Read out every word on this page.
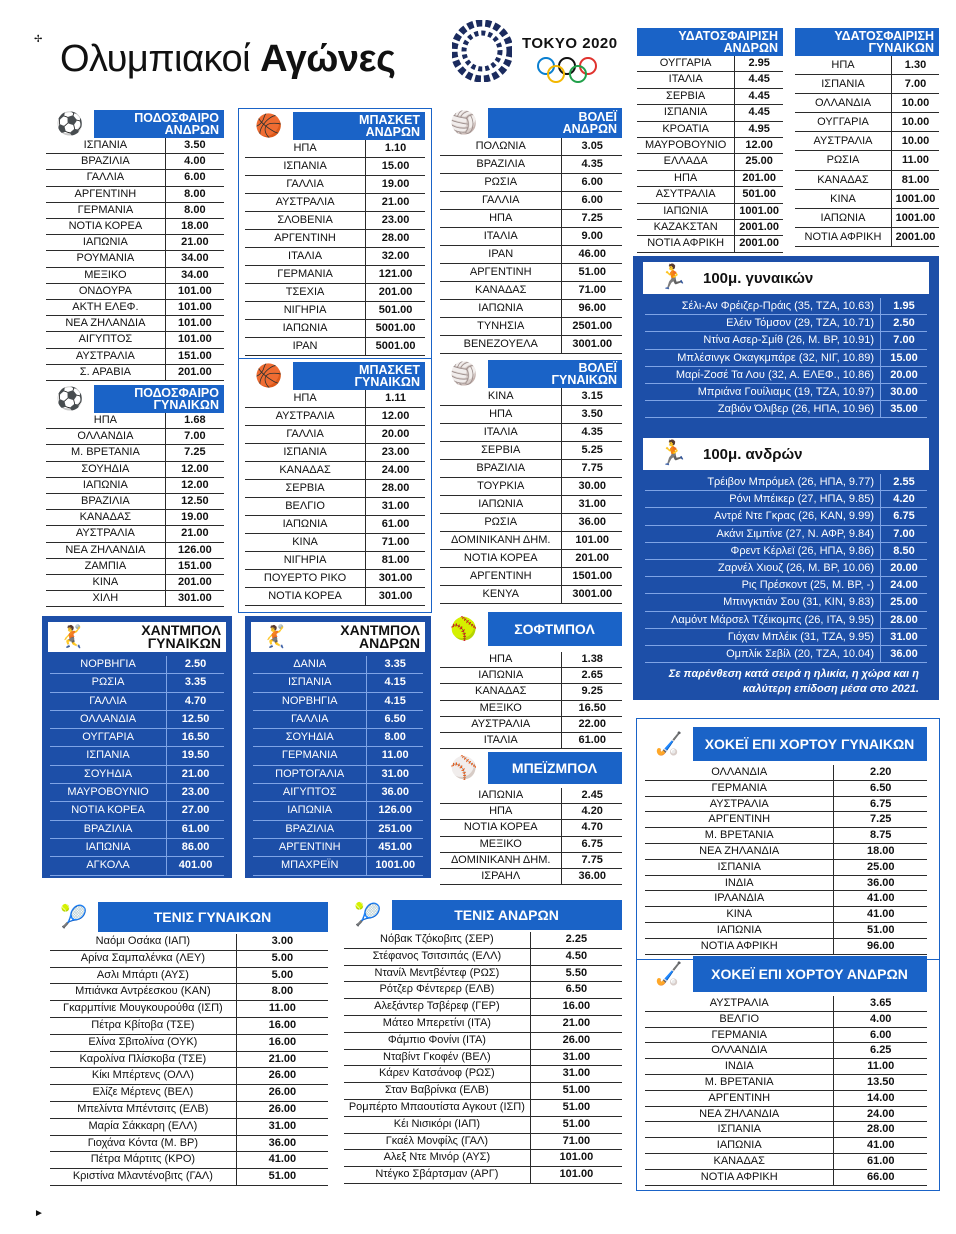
✢ Ολυμπιακοί Αγώνες	TOKYO 2020
⚽	ΠΟΔΟΣΦΑΙΡΟ
ΑΝΔΡΩΝ
ΙΣΠΑΝΙΑ	3.50
ΒΡΑΖΙΛΙΑ	4.00
ΓΑΛΛΙΑ	6.00
ΑΡΓΕΝΤΙΝΗ	8.00
ΓΕΡΜΑΝΙΑ	8.00
ΝΟΤΙΑ ΚΟΡΕΑ	18.00
ΙΑΠΩΝΙΑ	21.00
ΡΟΥΜΑΝΙΑ	34.00
ΜΕΞΙΚΟ	34.00
ΟΝΔΟΥΡΑ	101.00
ΑΚΤΗ ΕΛΕΦ.	101.00
ΝΕΑ ΖΗΛΑΝΔΙΑ	101.00
ΑΙΓΥΠΤΟΣ	101.00
ΑΥΣΤΡΑΛΙΑ	151.00
Σ. ΑΡΑΒΙΑ	201.00
⚽	ΠΟΔΟΣΦΑΙΡΟ
ΓΥΝΑΙΚΩΝ
ΗΠΑ	1.68
ΟΛΛΑΝΔΙΑ	7.00
Μ. ΒΡΕΤΑΝΙΑ	7.25
ΣΟΥΗΔΙΑ	12.00
ΙΑΠΩΝΙΑ	12.00
ΒΡΑΖΙΛΙΑ	12.50
ΚΑΝΑΔΑΣ	19.00
ΑΥΣΤΡΑΛΙΑ	21.00
ΝΕΑ ΖΗΛΑΝΔΙΑ	126.00
ΖΑΜΠΙΑ	151.00
ΚΙΝΑ	201.00
ΧΙΛΗ	301.00
🏀	ΜΠΑΣΚΕΤ
ΑΝΔΡΩΝ
ΗΠΑ	1.10
ΙΣΠΑΝΙΑ	15.00
ΓΑΛΛΙΑ	19.00
ΑΥΣΤΡΑΛΙΑ	21.00
ΣΛΟΒΕΝΙΑ	23.00
ΑΡΓΕΝΤΙΝΗ	28.00
ΙΤΑΛΙΑ	32.00
ΓΕΡΜΑΝΙΑ	121.00
ΤΣΕΧΙΑ	201.00
ΝΙΓΗΡΙΑ	501.00
ΙΑΠΩΝΙΑ	5001.00
ΙΡΑΝ	5001.00
🏀	ΜΠΑΣΚΕΤ
ΓΥΝΑΙΚΩΝ
ΗΠΑ	1.11
ΑΥΣΤΡΑΛΙΑ	12.00
ΓΑΛΛΙΑ	20.00
ΙΣΠΑΝΙΑ	23.00
ΚΑΝΑΔΑΣ	24.00
ΣΕΡΒΙΑ	28.00
ΒΕΛΓΙΟ	31.00
ΙΑΠΩΝΙΑ	61.00
ΚΙΝΑ	71.00
ΝΙΓΗΡΙΑ	81.00
ΠΟΥΕΡΤΟ ΡΙΚΟ	301.00
ΝΟΤΙΑ ΚΟΡΕΑ	301.00
🏐	ΒΟΛΕΪ
ΑΝΔΡΩΝ
ΠΟΛΩΝΙΑ	3.05
ΒΡΑΖΙΛΙΑ	4.35
ΡΩΣΙΑ	6.00
ΓΑΛΛΙΑ	6.00
ΗΠΑ	7.25
ΙΤΑΛΙΑ	9.00
ΙΡΑΝ	46.00
ΑΡΓΕΝΤΙΝΗ	51.00
ΚΑΝΑΔΑΣ	71.00
ΙΑΠΩΝΙΑ	96.00
ΤΥΝΗΣΙΑ	2501.00
ΒΕΝΕΖΟΥΕΛΑ	3001.00
🏐	ΒΟΛΕΪ
ΓΥΝΑΙΚΩΝ
ΚΙΝΑ	3.15
ΗΠΑ	3.50
ΙΤΑΛΙΑ	4.35
ΣΕΡΒΙΑ	5.25
ΒΡΑΖΙΛΙΑ	7.75
ΤΟΥΡΚΙΑ	30.00
ΙΑΠΩΝΙΑ	31.00
ΡΩΣΙΑ	36.00
ΔΟΜΙΝΙΚΑΝΗ ΔΗΜ.	101.00
ΝΟΤΙΑ ΚΟΡΕΑ	201.00
ΑΡΓΕΝΤΙΝΗ	1501.00
ΚΕΝΥΑ	3001.00
ΥΔΑΤΟΣΦΑΙΡΙΣΗ
ΑΝΔΡΩΝ
ΟΥΓΓΑΡΙΑ	2.95
ΙΤΑΛΙΑ	4.45
ΣΕΡΒΙΑ	4.45
ΙΣΠΑΝΙΑ	4.45
ΚΡΟΑΤΙΑ	4.95
ΜΑΥΡΟΒΟΥΝΙΟ	12.00
ΕΛΛΑΔΑ	25.00
ΗΠΑ	201.00
ΑΣΥΤΡΑΛΙΑ	501.00
ΙΑΠΩΝΙΑ	1001.00
ΚΑΖΑΚΣΤΑΝ	2001.00
ΝΟΤΙΑ ΑΦΡΙΚΗ	2001.00
ΥΔΑΤΟΣΦΑΙΡΙΣΗ
ΓΥΝΑΙΚΩΝ
ΗΠΑ	1.30
ΙΣΠΑΝΙΑ	7.00
ΟΛΛΑΝΔΙΑ	10.00
ΟΥΓΓΑΡΙΑ	10.00
ΑΥΣΤΡΑΛΙΑ	10.00
ΡΩΣΙΑ	11.00
ΚΑΝΑΔΑΣ	81.00
ΚΙΝΑ	1001.00
ΙΑΠΩΝΙΑ	1001.00
ΝΟΤΙΑ ΑΦΡΙΚΗ	2001.00
🏃	100μ. γυναικών
Σέλι-Αν Φρέιζερ-Πράις (35, ΤΖΑ, 10.63)	1.95
Ελέιν Τόμσον (29, ΤΖΑ, 10.71)	2.50
Ντίνα Ασερ-Σμίθ (26, Μ. ΒΡ, 10.91)	7.00
Μπλέσινγκ Οκαγκμπάρε (32, ΝΙΓ, 10.89)	15.00
Μαρί-Ζοσέ Τα Λου (32, Α. ΕΛΕΦ., 10.86)	20.00
Μπριάνα Γουίλιαμς (19, ΤΖΑ, 10.97)	30.00
Ζαβιόν Όλιβερ (26, ΗΠΑ, 10.96)	35.00
🏃	100μ. ανδρών
Τρέιβον Μπρόμελ (26, ΗΠΑ, 9.77)	2.55
Ρόνι Μπέικερ (27, ΗΠΑ, 9.85)	4.20
Αντρέ Ντε Γκρας (26, ΚΑΝ, 9.99)	6.75
Ακάνι Σιμπίνε (27, Ν. ΑΦΡ, 9.84)	7.00
Φρεντ Κέρλεϊ (26, ΗΠΑ, 9.86)	8.50
Ζαρνέλ Χιουζ (26, Μ. ΒΡ, 10.06)	20.00
Ρις Πρέσκοντ (25, Μ. ΒΡ, -)	24.00
Μπινγκτιάν Σου (31, ΚΙΝ, 9.83)	25.00
Λαμόντ Μάρσελ Τζέικομπς (26, ΙΤΑ, 9.95)	28.00
Γιόχαν Μπλέικ (31, ΤΖΑ, 9.95)	31.00
Ομπλίκ Σεβίλ (20, ΤΖΑ, 10.04)	36.00
Σε παρένθεση κατά σειρά η ηλικία, η χώρα και η καλύτερη επίδοση μέσα στο 2021.
🤾	ΧΑΝΤΜΠΟΛ
ΓΥΝΑΙΚΩΝ
ΝΟΡΒΗΓΙΑ	2.50
ΡΩΣΙΑ	3.35
ΓΑΛΛΙΑ	4.70
ΟΛΛΑΝΔΙΑ	12.50
ΟΥΓΓΑΡΙΑ	16.50
ΙΣΠΑΝΙΑ	19.50
ΣΟΥΗΔΙΑ	21.00
ΜΑΥΡΟΒΟΥΝΙΟ	23.00
ΝΟΤΙΑ ΚΟΡΕΑ	27.00
ΒΡΑΖΙΛΙΑ	61.00
ΙΑΠΩΝΙΑ	86.00
ΑΓΚΟΛΑ	401.00
🤾	ΧΑΝΤΜΠΟΛ
ΑΝΔΡΩΝ
ΔΑΝΙΑ	3.35
ΙΣΠΑΝΙΑ	4.15
ΝΟΡΒΗΓΙΑ	4.15
ΓΑΛΛΙΑ	6.50
ΣΟΥΗΔΙΑ	8.00
ΓΕΡΜΑΝΙΑ	11.00
ΠΟΡΤΟΓΑΛΙΑ	31.00
ΑΙΓΥΠΤΟΣ	36.00
ΙΑΠΩΝΙΑ	126.00
ΒΡΑΖΙΛΙΑ	251.00
ΑΡΓΕΝΤΙΝΗ	451.00
ΜΠΑΧΡΕΪΝ	1001.00
🥎	ΣΟΦΤΜΠΟΛ
ΗΠΑ	1.38
ΙΑΠΩΝΙΑ	2.65
ΚΑΝΑΔΑΣ	9.25
ΜΕΞΙΚΟ	16.50
ΑΥΣΤΡΑΛΙΑ	22.00
ΙΤΑΛΙΑ	61.00
⚾	ΜΠΕΪΖΜΠΟΛ
ΙΑΠΩΝΙΑ	2.45
ΗΠΑ	4.20
ΝΟΤΙΑ ΚΟΡΕΑ	4.70
ΜΕΞΙΚΟ	6.75
ΔΟΜΙΝΙΚΑΝΗ ΔΗΜ.	7.75
ΙΣΡΑΗΛ	36.00
🏑	ΧΟΚΕΪ ΕΠΙ ΧΟΡΤΟΥ ΓΥΝΑΙΚΩΝ
ΟΛΛΑΝΔΙΑ	2.20
ΓΕΡΜΑΝΙΑ	6.50
ΑΥΣΤΡΑΛΙΑ	6.75
ΑΡΓΕΝΤΙΝΗ	7.25
Μ. ΒΡΕΤΑΝΙΑ	8.75
ΝΕΑ ΖΗΛΑΝΔΙΑ	18.00
ΙΣΠΑΝΙΑ	25.00
ΙΝΔΙΑ	36.00
ΙΡΛΑΝΔΙΑ	41.00
ΚΙΝΑ	41.00
ΙΑΠΩΝΙΑ	51.00
ΝΟΤΙΑ ΑΦΡΙΚΗ	96.00
🏑	ΧΟΚΕΪ ΕΠΙ ΧΟΡΤΟΥ ΑΝΔΡΩΝ
ΑΥΣΤΡΑΛΙΑ	3.65
ΒΕΛΓΙΟ	4.00
ΓΕΡΜΑΝΙΑ	6.00
ΟΛΛΑΝΔΙΑ	6.25
ΙΝΔΙΑ	11.00
Μ. ΒΡΕΤΑΝΙΑ	13.50
ΑΡΓΕΝΤΙΝΗ	14.00
ΝΕΑ ΖΗΛΑΝΔΙΑ	24.00
ΙΣΠΑΝΙΑ	28.00
ΙΑΠΩΝΙΑ	41.00
ΚΑΝΑΔΑΣ	61.00
ΝΟΤΙΑ ΑΦΡΙΚΗ	66.00
🎾	ΤΕΝΙΣ ΓΥΝΑΙΚΩΝ
Ναόμι Οσάκα (ΙΑΠ)	3.00
Αρίνα Σαμπαλένκα (ΛΕΥ)	5.00
Ασλι Μπάρτι (ΑΥΣ)	5.00
Μπιάνκα Αντρέεσκου (ΚΑΝ)	8.00
Γκαρμπίνιε Μουγκουρούθα (ΙΣΠ)	11.00
Πέτρα Κβίτοβα (ΤΣΕ)	16.00
Ελίνα Σβιτολίνα (ΟΥΚ)	16.00
Καρολίνα Πλίσκοβα (ΤΣΕ)	21.00
Κίκι Μπέρτενς (ΟΛΛ)	26.00
Ελίζε Μέρτενς (ΒΕΛ)	26.00
Μπελίντα Μπέντσιτς (ΕΛΒ)	26.00
Μαρία Σάκκαρη (ΕΛΛ)	31.00
Γιοχάνα Κόντα (Μ. ΒΡ)	36.00
Πέτρα Μάρτιτς (ΚΡΟ)	41.00
Κριστίνα Μλαντένοβιτς (ΓΑΛ)	51.00
🎾	ΤΕΝΙΣ ΑΝΔΡΩΝ
Νόβακ Τζόκοβιτς (ΣΕΡ)	2.25
Στέφανος Τσιτσιπάς (ΕΛΛ)	4.50
Ντανίλ Μεντβέντεφ (ΡΩΣ)	5.50
Ρότζερ Φέντερερ (ΕΛΒ)	6.50
Αλεξάντερ Τσβέρεφ (ΓΕΡ)	16.00
Μάτεο Μπερετίνι (ΙΤΑ)	21.00
Φάμπιο Φονίνι (ΙΤΑ)	26.00
Νταβίντ Γκοφέν (ΒΕΛ)	31.00
Κάρεν Κατσάνοφ (ΡΩΣ)	31.00
Σταν Βαβρίνκα (ΕΛΒ)	51.00
Ρομπέρτο Μπαουτίστα Αγκουτ (ΙΣΠ)	51.00
Κέι Νισικόρι (ΙΑΠ)	51.00
Γκαέλ Μονφίλς (ΓΑΛ)	71.00
Αλεξ Ντε Μινόρ (ΑΥΣ)	101.00
Ντέγκο Σβάρτσμαν (ΑΡΓ)	101.00
►
